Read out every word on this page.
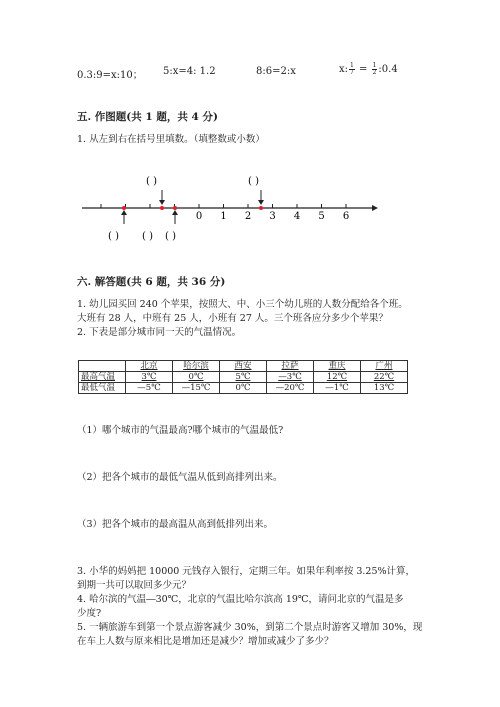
0.3:9=x:10； 5:x=4: 1.2	8:6=2:x	x: $\frac{1}{7} = \frac{1}{2}$ :0.4
五. 作图题(共 1 题，共 4 分)
1. 从左到右在括号里填数。（填整数或小数）
( )	( )
0 1 2 3 4 5 6
( ) ( ) ( )
六. 解答题(共 6 题，共 36 分)
1. 幼儿园买回 240 个苹果，按照大、中、小三个幼儿班的人数分配给各个班。
大班有 28 人，中班有 25 人，小班有 27 人。三个班各应分多少个苹果？
2. 下表是部分城市同一天的气温情况。
	北京	哈尔滨	西安	拉萨	重庆	广州
最高气温	3℃	0℃	5℃	—3℃	12℃	22℃
最低气温	—5℃	—15℃	0℃	—20℃	—1℃	13℃
（1）哪个城市的气温最高?哪个城市的气温最低?
（2）把各个城市的最低气温从低到高排列出来。
（3）把各个城市的最高温从高到低排列出来。
3. 小华的妈妈把 10000 元钱存入银行，定期三年。如果年利率按 3.25%计算，
到期一共可以取回多少元？
4. 哈尔滨的气温―30℃，北京的气温比哈尔滨高 19℃，请问北京的气温是多
少度?
5. 一辆旅游车到第一个景点游客减少 30%，到第二个景点时游客又增加 30%，现
在车上人数与原来相比是增加还是减少？增加或减少了多少？
